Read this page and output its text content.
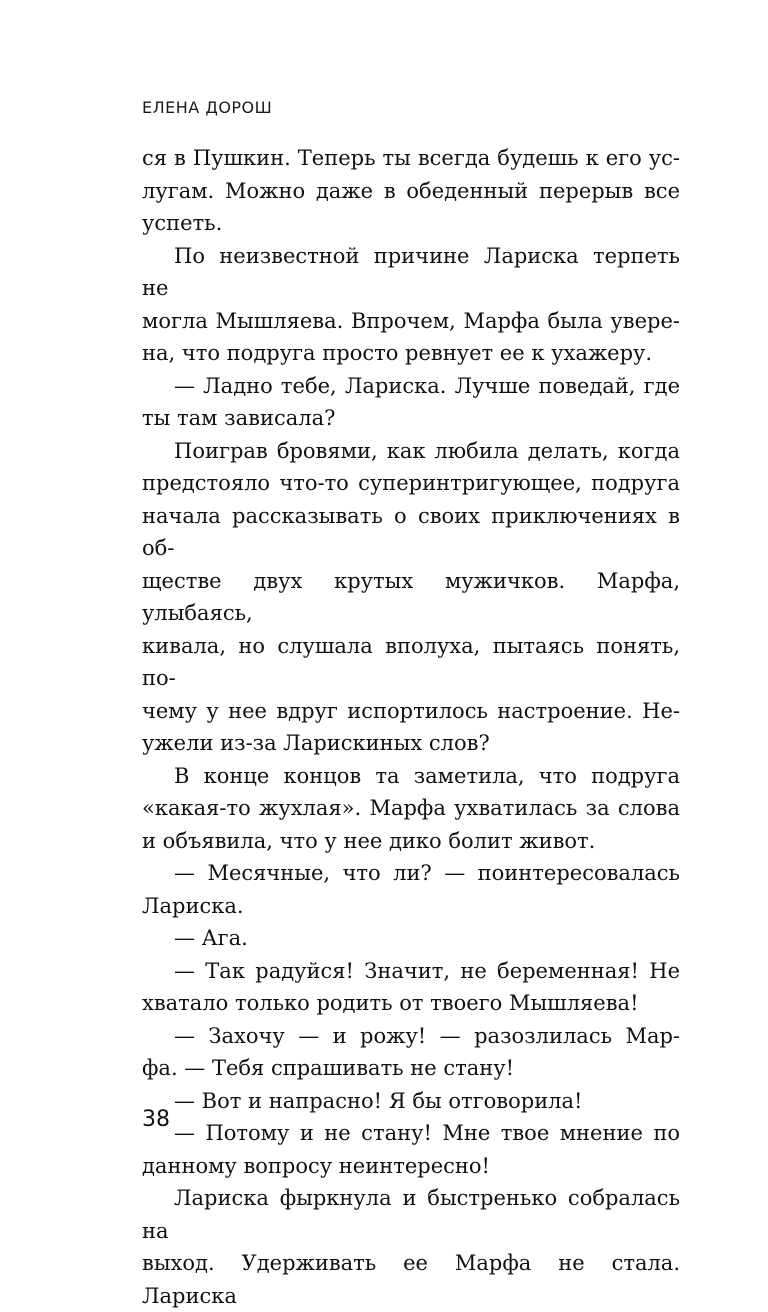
ЕЛЕНА ДОРОШ

ся в Пушкин. Теперь ты всегда будешь к его ус-
лугам. Можно даже в обеденный перерыв все
успеть.

По неизвестной причине Лариска терпеть не
могла Мышляева. Впрочем, Марфа была увере-
на, что подруга просто ревнует ее к ухажеру.

— Ладно тебе, Лариска. Лучше поведай, где
ты там зависала?

Поиграв бровями, как любила делать, когда
предстояло что-то суперинтригующее, подруга
начала рассказывать о своих приключениях в об-
ществе двух крутых мужичков. Марфа, улыбаясь,
кивала, но слушала вполуха, пытаясь понять, по-
чему у нее вдруг испортилось настроение. Не-
ужели из-за Ларискиных слов?

В конце концов та заметила, что подруга
«какая-то жухлая». Марфа ухватилась за слова
и объявила, что у нее дико болит живот.

— Месячные, что ли? — поинтересовалась
Лариска.

— Ага.

— Так радуйся! Значит, не беременная! Не
хватало только родить от твоего Мышляева!

— Захочу — и рожу! — разозлилась Мар-
фа. — Тебя спрашивать не стану!

— Вот и напрасно! Я бы отговорила!

— Потому и не стану! Мне твое мнение по
данному вопросу неинтересно!

Лариска фыркнула и быстренько собралась на
выход. Удерживать ее Марфа не стала. Лариска

38
